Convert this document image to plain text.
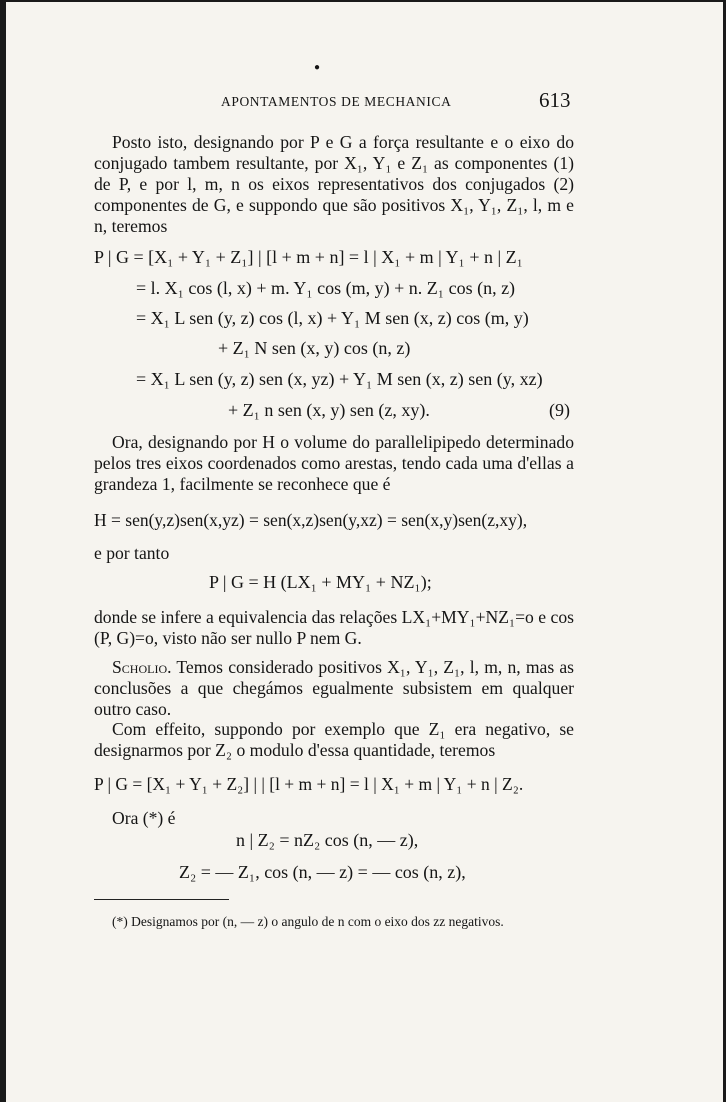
●
APONTAMENTOS DE MECHANICA	613
Posto isto, designando por P e G a força resultante e o eixo do conjugado tambem resultante, por X₁, Y₁ e Z₁ as componentes (1) de P, e por l, m, n os eixos representativos dos conjugados (2) componentes de G, e suppondo que são positivos X₁, Y₁, Z₁, l, m e n, teremos
P | G = [X₁ + Y₁ + Z₁] | [l + m + n] = l | X₁ + m | Y₁ + n | Z₁
= l. X₁ cos (l, x) + m. Y₁ cos (m, y) + n. Z₁ cos (n, z)
= X₁ L sen (y, z) cos (l, x) + Y₁ M sen (x, z) cos (m, y)
+ Z₁ N sen (x, y) cos (n, z)
= X₁ L sen (y, z) sen (x, yz) + Y₁ M sen (x, z) sen (y, xz)
+ Z₁ n sen (x, y) sen (z, xy).	(9)
Ora, designando por H o volume do parallelipipedo determinado pelos tres eixos coordenados como arestas, tendo cada uma d'ellas a grandeza 1, facilmente se reconhece que é
H = sen(y,z)sen(x,yz) = sen(x,z)sen(y,xz) = sen(x,y)sen(z,xy),
e por tanto
P | G = H (LX₁ + MY₁ + NZ₁);
donde se infere a equivalencia das relações LX₁+MY₁+NZ₁=o e cos (P, G)=o, visto não ser nullo P nem G.
Scholio. Temos considerado positivos X₁, Y₁, Z₁, l, m, n, mas as conclusões a que chegámos egualmente subsistem em qualquer outro caso.
Com effeito, suppondo por exemplo que Z₁ era negativo, se designarmos por Z₂ o modulo d'essa quantidade, teremos
P | G = [X₁ + Y₁ + Z₂] | | [l + m + n] = l | X₁ + m | Y₁ + n | Z₂.
Ora (*) é
n | Z₂ = nZ₂ cos (n, — z),
Z₂ = — Z₁, cos (n, — z) = — cos (n, z),
(*) Designamos por (n, — z) o angulo de n com o eixo dos zz negativos.
